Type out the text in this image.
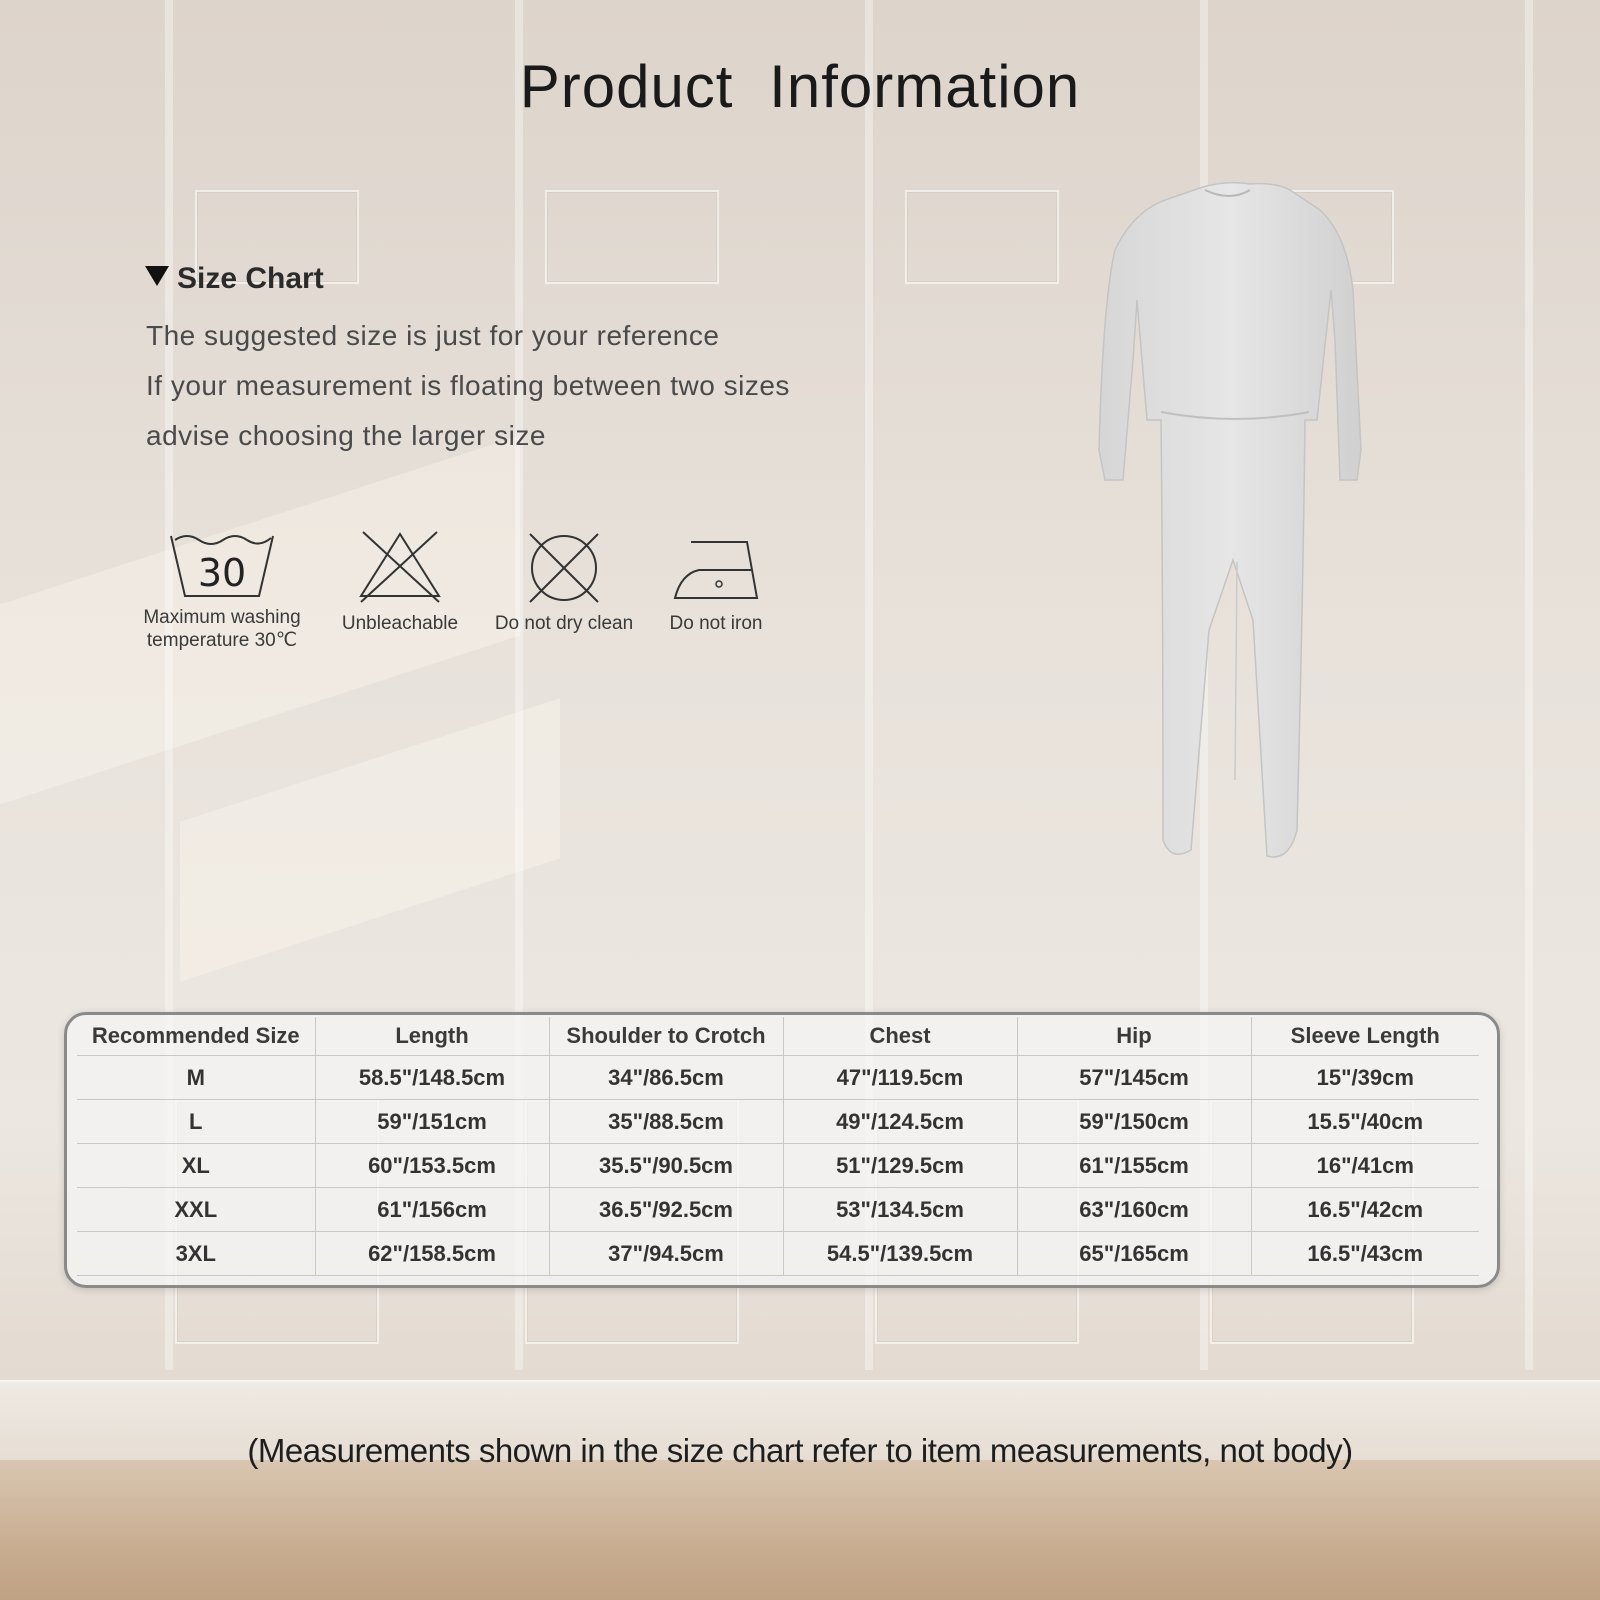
Product Information
Size Chart
The suggested size is just for your reference
If your measurement is floating between two sizes
advise choosing the larger size
30
Maximum washing
temperature 30℃
Unbleachable	Do not dry clean	Do not iron
Recommended Size	Length	Shoulder to Crotch	Chest	Hip	Sleeve Length
M	58.5"/148.5cm	34"/86.5cm	47"/119.5cm	57"/145cm	15"/39cm
L	59"/151cm	35"/88.5cm	49"/124.5cm	59"/150cm	15.5"/40cm
XL	60"/153.5cm	35.5"/90.5cm	51"/129.5cm	61"/155cm	16"/41cm
XXL	61"/156cm	36.5"/92.5cm	53"/134.5cm	63"/160cm	16.5"/42cm
3XL	62"/158.5cm	37"/94.5cm	54.5"/139.5cm	65"/165cm	16.5"/43cm
(Measurements shown in the size chart refer to item measurements, not body)
